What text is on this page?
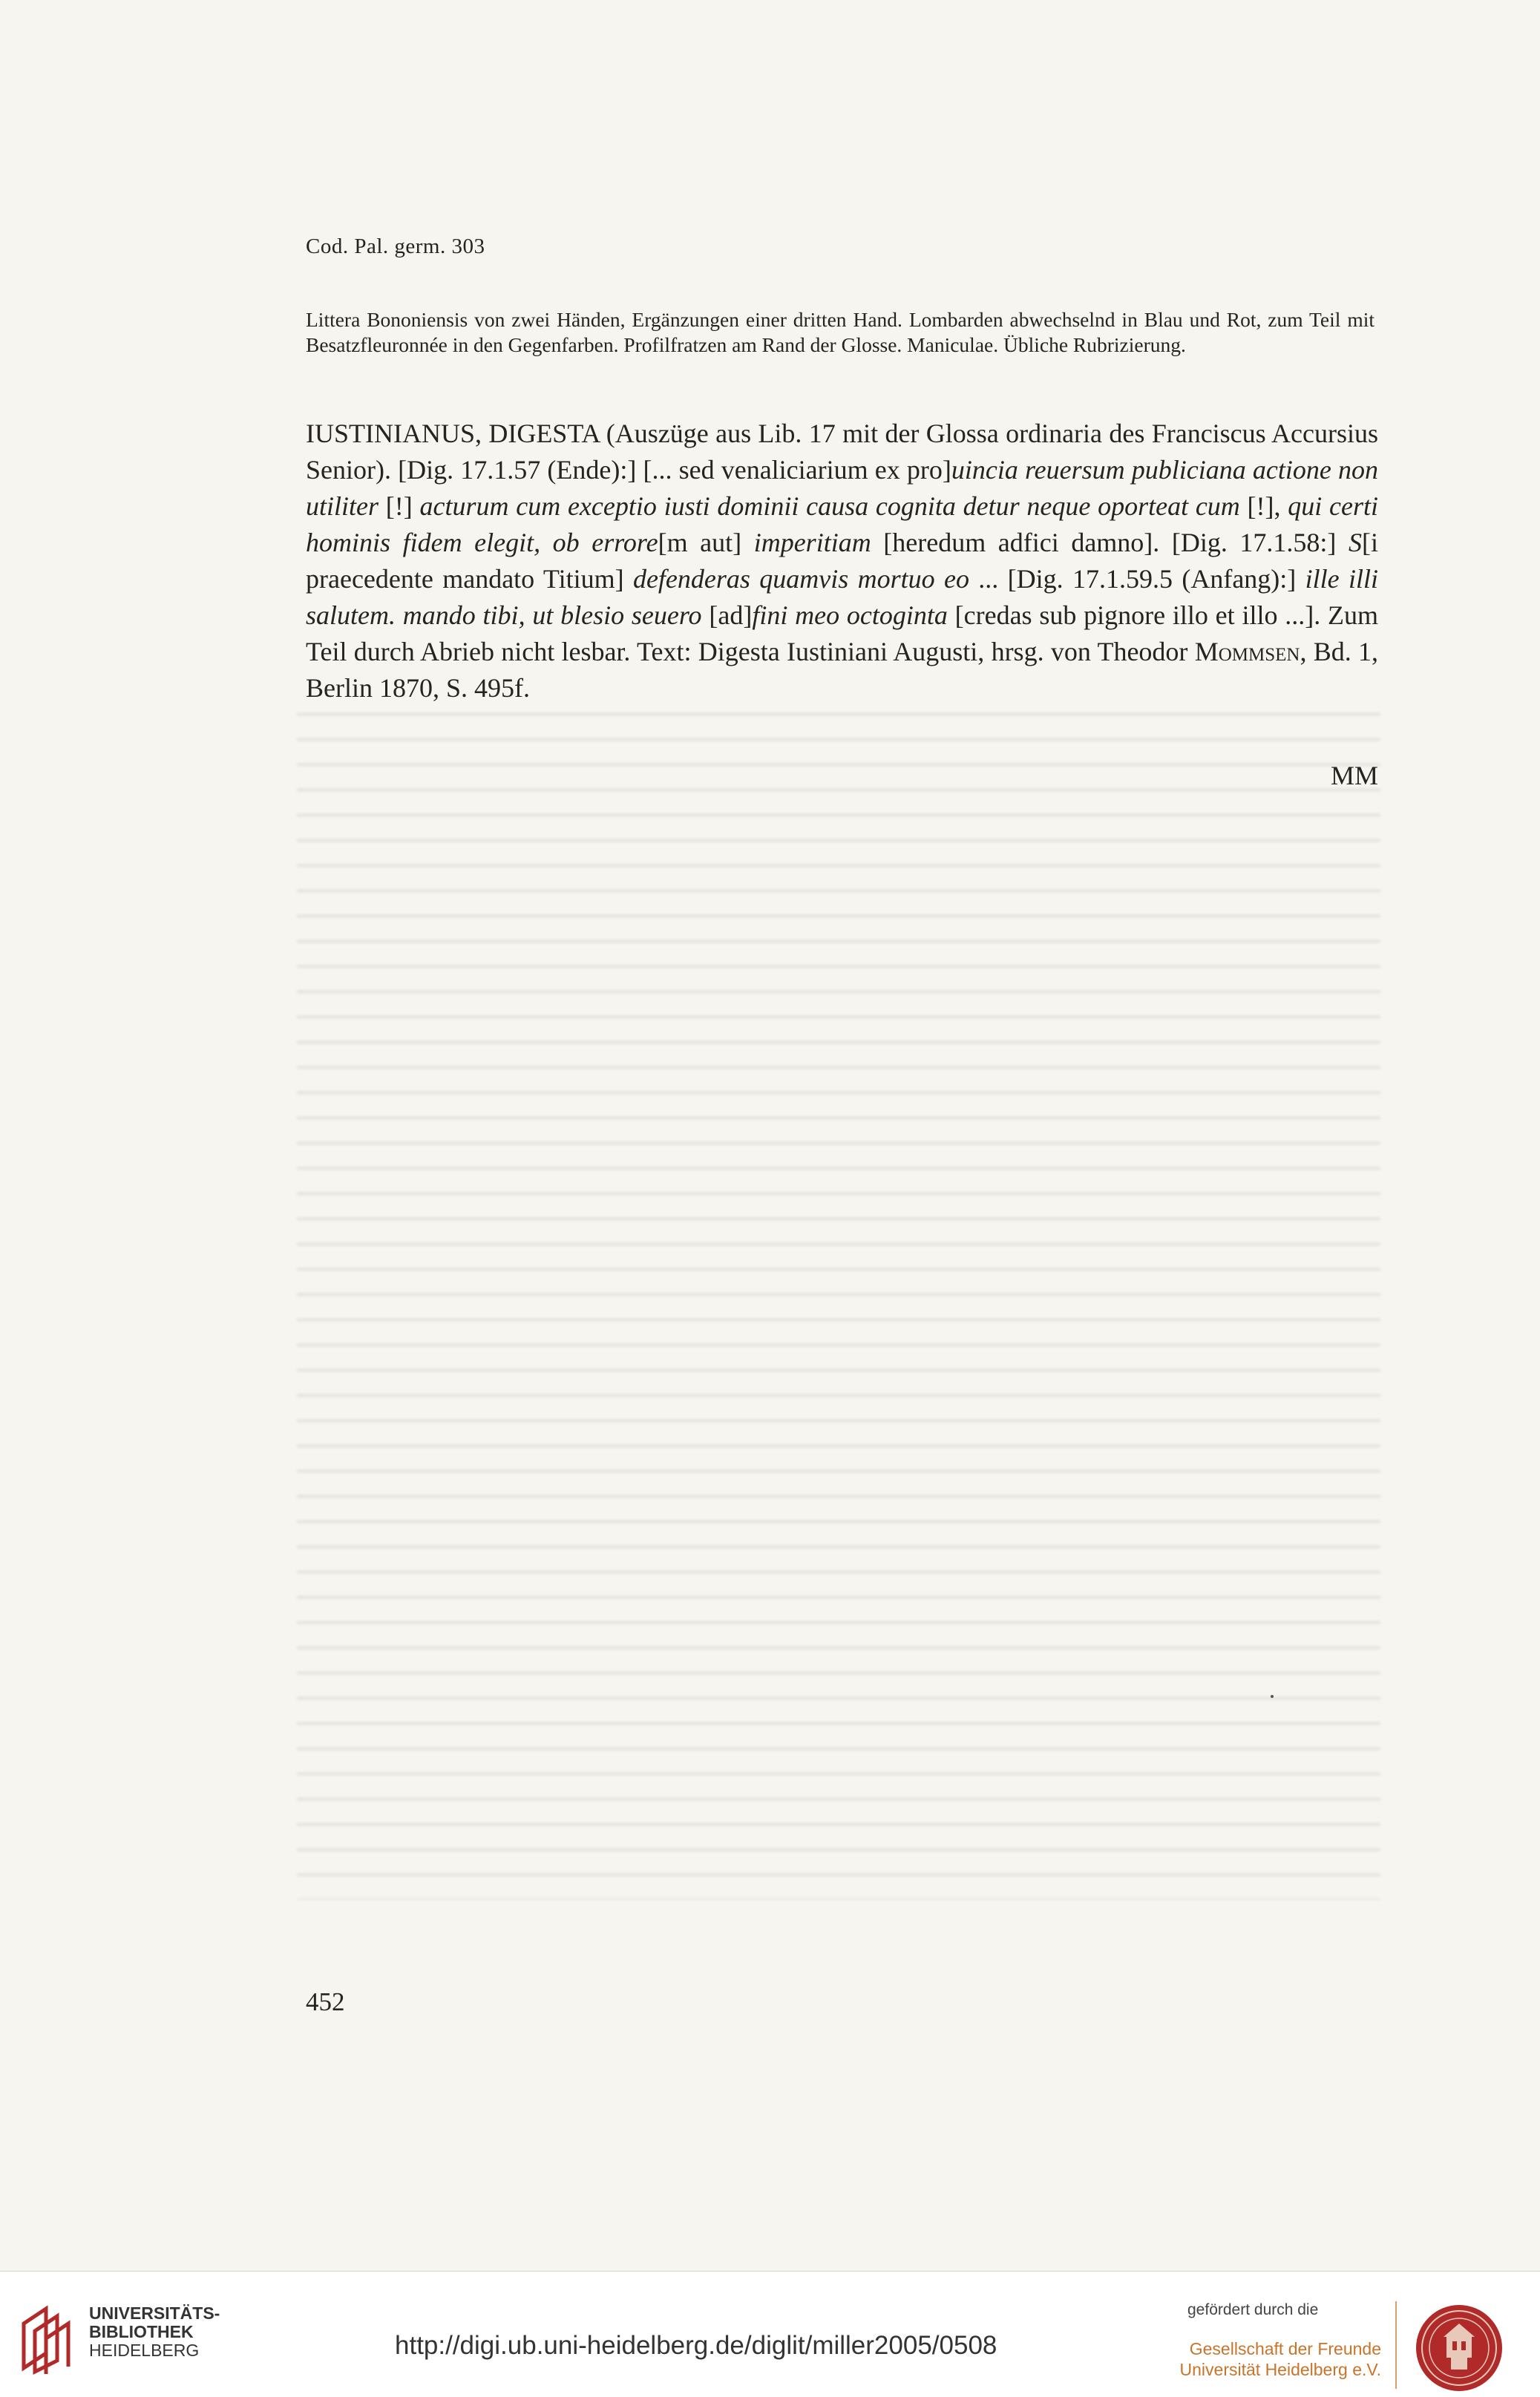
Cod. Pal. germ. 303
Littera Bononiensis von zwei Händen, Ergänzungen einer dritten Hand. Lombarden abwechselnd in Blau und Rot, zum Teil mit Besatzfleuronnée in den Gegenfarben. Profilfratzen am Rand der Glosse. Maniculae. Übliche Rubrizierung.
IUSTINIANUS, DIGESTA (Auszüge aus Lib. 17 mit der Glossa ordinaria des Franciscus Accursius Senior). [Dig. 17.1.57 (Ende):] [... sed venaliciarium ex pro]uincia reuersum publiciana actione non utiliter [!] acturum cum exceptio iusti dominii causa cognita detur neque oporteat cum [!], qui certi hominis fidem elegit, ob errore[m aut] imperitiam [heredum adfici damno]. [Dig. 17.1.58:] S[i praecedente mandato Titium] defenderas quamvis mortuo eo ... [Dig. 17.1.59.5 (Anfang):] ille illi salutem. mando tibi, ut blesio seuero [ad]fini meo octoginta [credas sub pignore illo et illo ...]. Zum Teil durch Abrieb nicht lesbar. Text: Digesta Iustiniani Augusti, hrsg. von Theodor Mommsen, Bd. 1, Berlin 1870, S. 495f.
MM
452
UNIVERSITÄTS-
BIBLIOTHEK
HEIDELBERG	http://digi.ub.uni-heidelberg.de/diglit/miller2005/0508
gefördert durch die
Gesellschaft der Freunde
Universität Heidelberg e.V.
